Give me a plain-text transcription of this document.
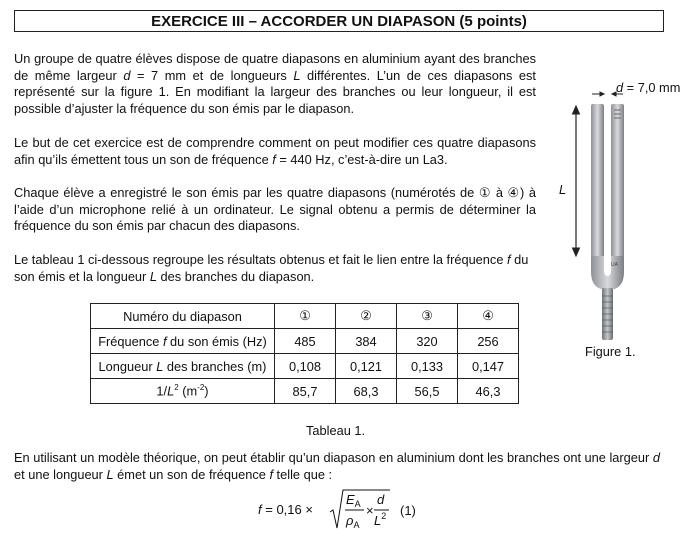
EXERCICE III – ACCORDER UN DIAPASON (5 points)

Un groupe de quatre élèves dispose de quatre diapasons en aluminium ayant des branches de même largeur d = 7 mm et de longueurs L différentes. L’un de ces diapasons est représenté sur la figure 1. En modifiant la largeur des branches ou leur longueur, il est possible d’ajuster la fréquence du son émis par le diapason.

Le but de cet exercice est de comprendre comment on peut modifier ces quatre diapasons afin qu’ils émettent tous un son de fréquence f = 440 Hz, c’est-à-dire un La3.

Chaque élève a enregistré le son émis par les quatre diapasons (numérotés de ① à ④) à l’aide d’un microphone relié à un ordinateur. Le signal obtenu a permis de déterminer la fréquence du son émis par chacun des diapasons.

Le tableau 1 ci-dessous regroupe les résultats obtenus et fait le lien entre la fréquence f du son émis et la longueur L des branches du diapason.

d = 7,0 mm
L
UA
Figure 1.
Numéro du diapason	①	②	③	④
Fréquence f du son émis (Hz)	485	384	320	256
Longueur L des branches (m)	0,108	0,121	0,133	0,147
$1/L^2$ $(m^{-2})$	85,7	68,3	56,5	46,3
Tableau 1.

En utilisant un modèle théorique, on peut établir qu’un diapason en aluminium dont les branches ont une largeur d et une longueur L émet un son de fréquence f telle que :

f = 0,16 ×
$E_A$
$\rho_A$
×
d
$L^2$ (1)
